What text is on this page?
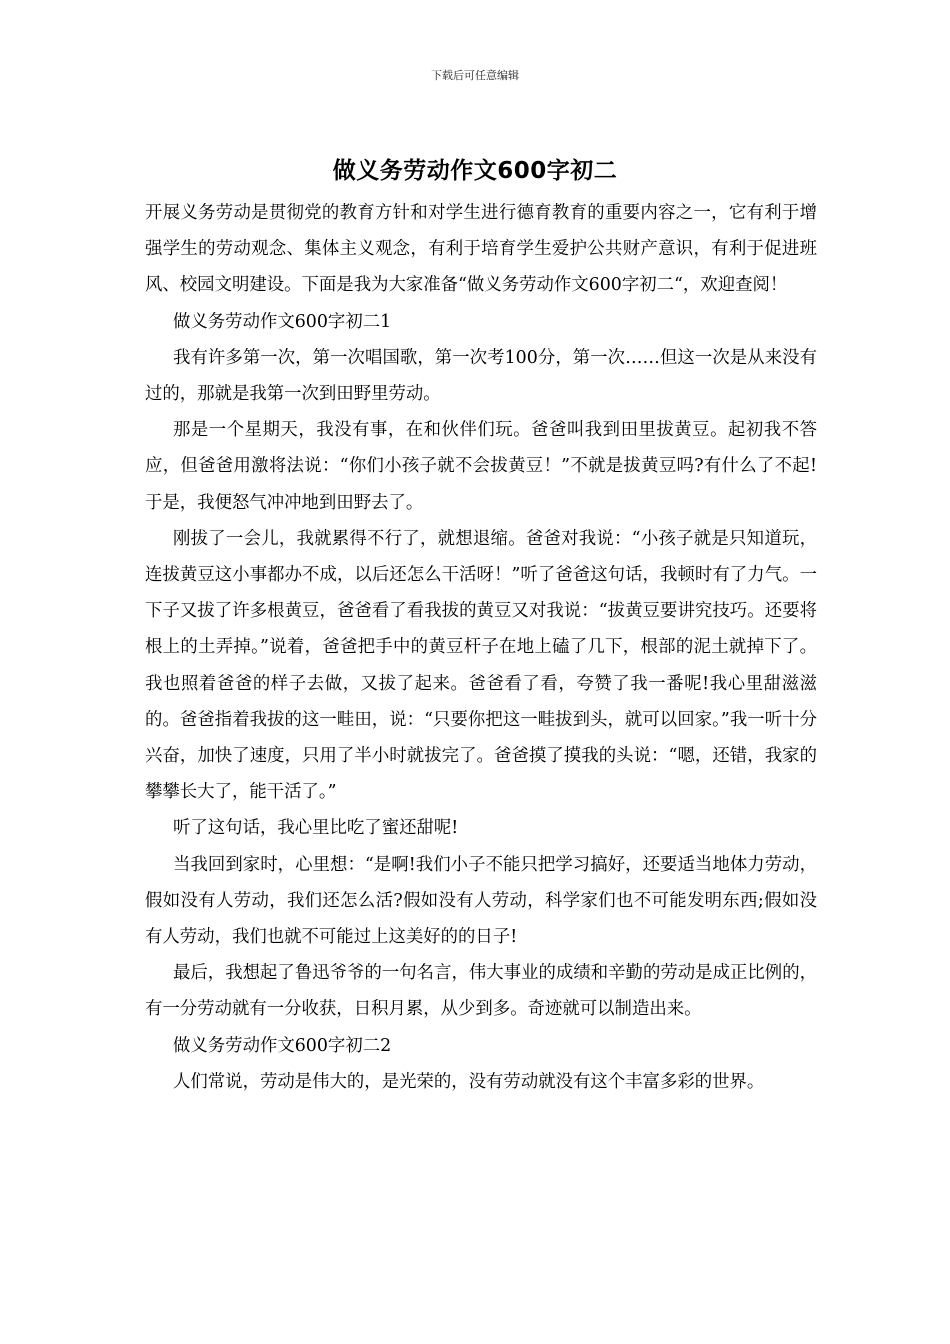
下载后可任意编辑
做义务劳动作文600字初二

开展义务劳动是贯彻党的教育方针和对学生进行德育教育的重要内容之一，它有利于增强学生的劳动观念、集体主义观念，有利于培育学生爱护公共财产意识，有利于促进班风、校园文明建设。下面是我为大家准备“做义务劳动作文600字初二“，欢迎查阅！

做义务劳动作文600字初二1

我有许多第一次，第一次唱国歌，第一次考100分，第一次……但这一次是从来没有过的，那就是我第一次到田野里劳动。

那是一个星期天，我没有事，在和伙伴们玩。爸爸叫我到田里拔黄豆。起初我不答应，但爸爸用激将法说：“你们小孩子就不会拔黄豆！”不就是拔黄豆吗?有什么了不起!于是，我便怒气冲冲地到田野去了。

刚拔了一会儿，我就累得不行了，就想退缩。爸爸对我说：“小孩子就是只知道玩，连拔黄豆这小事都办不成，以后还怎么干活呀！”听了爸爸这句话，我顿时有了力气。一下子又拔了许多根黄豆，爸爸看了看我拔的黄豆又对我说：“拔黄豆要讲究技巧。还要将根上的土弄掉。”说着，爸爸把手中的黄豆杆子在地上磕了几下，根部的泥土就掉下了。我也照着爸爸的样子去做，又拔了起来。爸爸看了看，夸赞了我一番呢!我心里甜滋滋的。爸爸指着我拔的这一畦田，说：“只要你把这一畦拔到头，就可以回家。”我一听十分兴奋，加快了速度，只用了半小时就拔完了。爸爸摸了摸我的头说：“嗯，还错，我家的攀攀长大了，能干活了。”

听了这句话，我心里比吃了蜜还甜呢!

当我回到家时，心里想：“是啊!我们小子不能只把学习搞好，还要适当地体力劳动，假如没有人劳动，我们还怎么活?假如没有人劳动，科学家们也不可能发明东西;假如没有人劳动，我们也就不可能过上这美好的的日子!

最后，我想起了鲁迅爷爷的一句名言，伟大事业的成绩和辛勤的劳动是成正比例的，有一分劳动就有一分收获，日积月累，从少到多。奇迹就可以制造出来。

做义务劳动作文600字初二2

人们常说，劳动是伟大的，是光荣的，没有劳动就没有这个丰富多彩的世界。
